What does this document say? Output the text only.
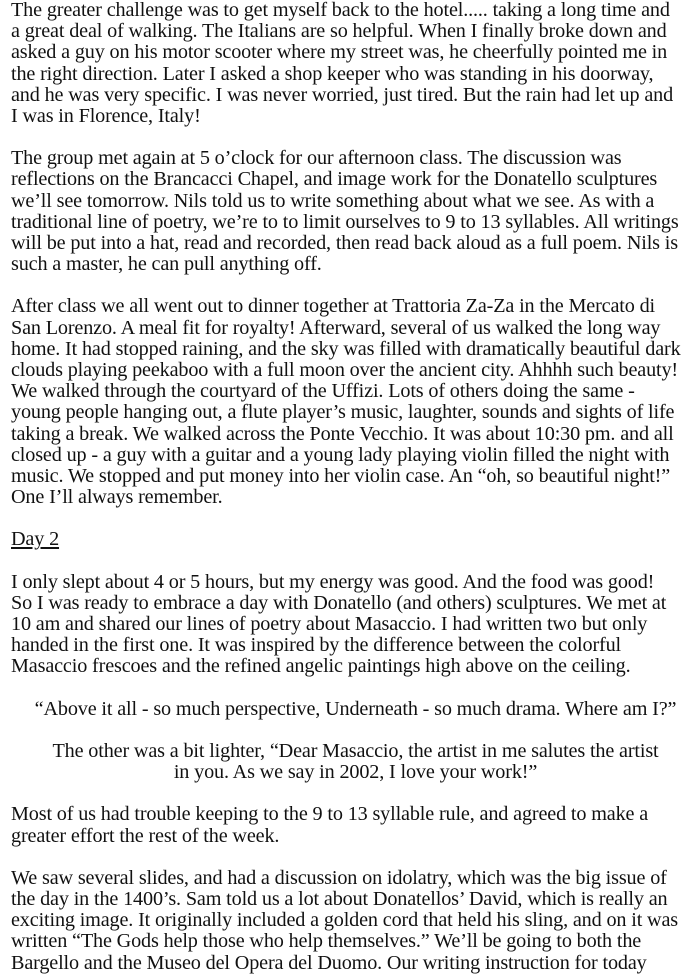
The greater challenge was to get myself back to the hotel..... taking a long time and
a great deal of walking. The Italians are so helpful. When I finally broke down and
asked a guy on his motor scooter where my street was, he cheerfully pointed me in
the right direction. Later I asked a shop keeper who was standing in his doorway,
and he was very specific. I was never worried, just tired. But the rain had let up and
I was in Florence, Italy!
The group met again at 5 o’clock for our afternoon class. The discussion was
reflections on the Brancacci Chapel, and image work for the Donatello sculptures
we’ll see tomorrow. Nils told us to write something about what we see. As with a
traditional line of poetry, we’re to to limit ourselves to 9 to 13 syllables. All writings
will be put into a hat, read and recorded, then read back aloud as a full poem. Nils is
such a master, he can pull anything off.
After class we all went out to dinner together at Trattoria Za-Za in the Mercato di
San Lorenzo. A meal fit for royalty! Afterward, several of us walked the long way
home. It had stopped raining, and the sky was filled with dramatically beautiful dark
clouds playing peekaboo with a full moon over the ancient city. Ahhhh such beauty!
We walked through the courtyard of the Uffizi. Lots of others doing the same -
young people hanging out, a flute player’s music, laughter, sounds and sights of life
taking a break. We walked across the Ponte Vecchio. It was about 10:30 pm. and all
closed up - a guy with a guitar and a young lady playing violin filled the night with
music. We stopped and put money into her violin case. An “oh, so beautiful night!”
One I’ll always remember.
Day 2
I only slept about 4 or 5 hours, but my energy was good. And the food was good!
So I was ready to embrace a day with Donatello (and others) sculptures. We met at
10 am and shared our lines of poetry about Masaccio. I had written two but only
handed in the first one. It was inspired by the difference between the colorful
Masaccio frescoes and the refined angelic paintings high above on the ceiling.
“Above it all - so much perspective, Underneath - so much drama. Where am I?”
The other was a bit lighter, “Dear Masaccio, the artist in me salutes the artist
in you. As we say in 2002, I love your work!”
Most of us had trouble keeping to the 9 to 13 syllable rule, and agreed to make a
greater effort the rest of the week.
We saw several slides, and had a discussion on idolatry, which was the big issue of
the day in the 1400’s. Sam told us a lot about Donatellos’ David, which is really an
exciting image. It originally included a golden cord that held his sling, and on it was
written “The Gods help those who help themselves.” We’ll be going to both the
Bargello and the Museo del Opera del Duomo. Our writing instruction for today
